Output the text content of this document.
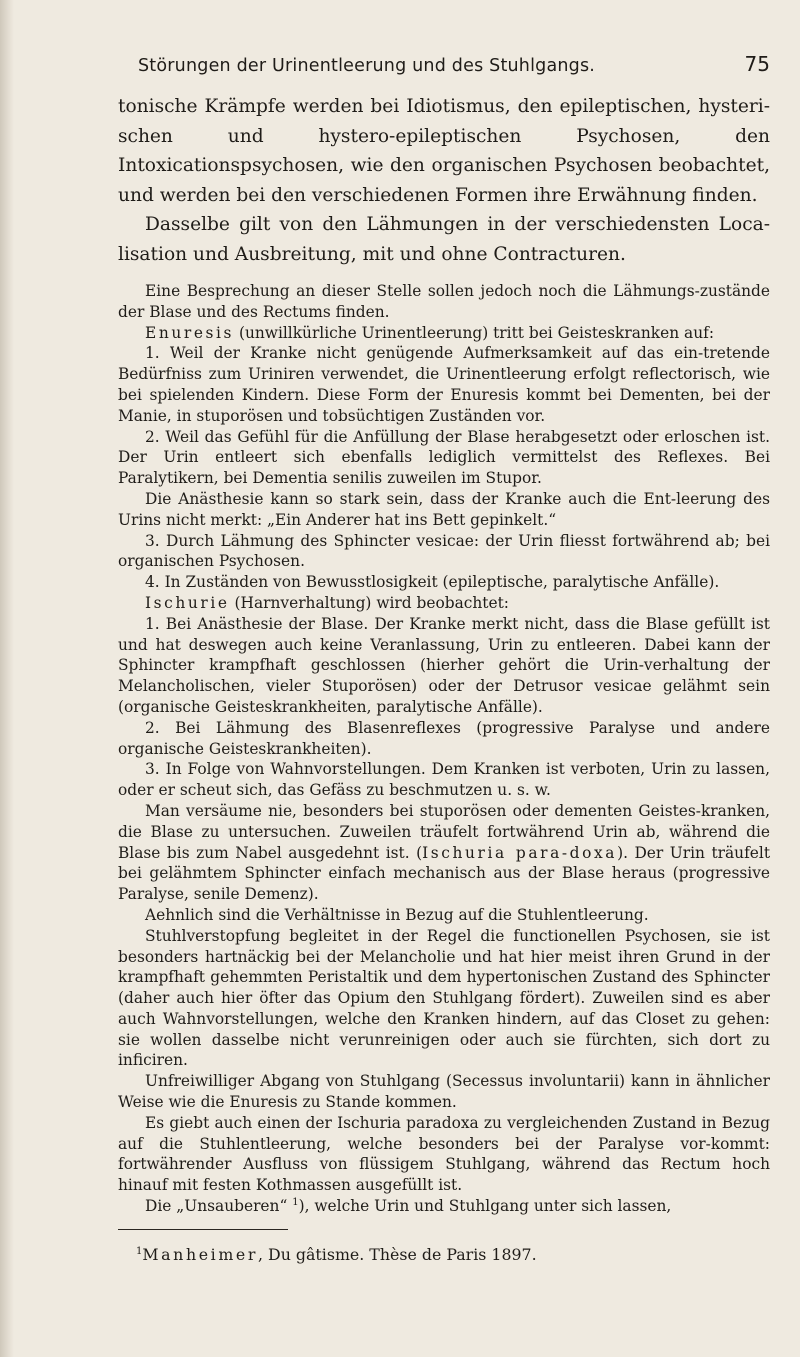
Störungen der Urinentleerung und des Stuhlgangs.	75

tonische Krämpfe werden bei Idiotismus, den epileptischen, hysteri-schen und hystero-epileptischen Psychosen, den Intoxicationspsychosen, wie den organischen Psychosen beobachtet, und werden bei den verschiedenen Formen ihre Erwähnung finden.

Dasselbe gilt von den Lähmungen in der verschiedensten Loca-lisation und Ausbreitung, mit und ohne Contracturen.

Eine Besprechung an dieser Stelle sollen jedoch noch die Lähmungs-zustände der Blase und des Rectums finden.

Enuresis (unwillkürliche Urinentleerung) tritt bei Geisteskranken auf:

1. Weil der Kranke nicht genügende Aufmerksamkeit auf das ein-tretende Bedürfniss zum Uriniren verwendet, die Urinentleerung erfolgt reflectorisch, wie bei spielenden Kindern. Diese Form der Enuresis kommt bei Dementen, bei der Manie, in stuporösen und tobsüchtigen Zuständen vor.

2. Weil das Gefühl für die Anfüllung der Blase herabgesetzt oder erloschen ist. Der Urin entleert sich ebenfalls lediglich vermittelst des Reflexes. Bei Paralytikern, bei Dementia senilis zuweilen im Stupor.

Die Anästhesie kann so stark sein, dass der Kranke auch die Ent-leerung des Urins nicht merkt: „Ein Anderer hat ins Bett gepinkelt.“

3. Durch Lähmung des Sphincter vesicae: der Urin fliesst fortwährend ab; bei organischen Psychosen.

4. In Zuständen von Bewusstlosigkeit (epileptische, paralytische Anfälle).

Ischurie (Harnverhaltung) wird beobachtet:

1. Bei Anästhesie der Blase. Der Kranke merkt nicht, dass die Blase gefüllt ist und hat deswegen auch keine Veranlassung, Urin zu entleeren. Dabei kann der Sphincter krampfhaft geschlossen (hierher gehört die Urin-verhaltung der Melancholischen, vieler Stuporösen) oder der Detrusor vesicae gelähmt sein (organische Geisteskrankheiten, paralytische Anfälle).

2. Bei Lähmung des Blasenreflexes (progressive Paralyse und andere organische Geisteskrankheiten).

3. In Folge von Wahnvorstellungen. Dem Kranken ist verboten, Urin zu lassen, oder er scheut sich, das Gefäss zu beschmutzen u. s. w.

Man versäume nie, besonders bei stuporösen oder dementen Geistes-kranken, die Blase zu untersuchen. Zuweilen träufelt fortwährend Urin ab, während die Blase bis zum Nabel ausgedehnt ist. (Ischuria para-doxa). Der Urin träufelt bei gelähmtem Sphincter einfach mechanisch aus der Blase heraus (progressive Paralyse, senile Demenz).

Aehnlich sind die Verhältnisse in Bezug auf die Stuhlentleerung.

Stuhlverstopfung begleitet in der Regel die functionellen Psychosen, sie ist besonders hartnäckig bei der Melancholie und hat hier meist ihren Grund in der krampfhaft gehemmten Peristaltik und dem hypertonischen Zustand des Sphincter (daher auch hier öfter das Opium den Stuhlgang fördert). Zuweilen sind es aber auch Wahnvorstellungen, welche den Kranken hindern, auf das Closet zu gehen: sie wollen dasselbe nicht verunreinigen oder auch sie fürchten, sich dort zu inficiren.

Unfreiwilliger Abgang von Stuhlgang (Secessus involuntarii) kann in ähnlicher Weise wie die Enuresis zu Stande kommen.

Es giebt auch einen der Ischuria paradoxa zu vergleichenden Zustand in Bezug auf die Stuhlentleerung, welche besonders bei der Paralyse vor-kommt: fortwährender Ausfluss von flüssigem Stuhlgang, während das Rectum hoch hinauf mit festen Kothmassen ausgefüllt ist.

Die „Unsauberen“ $^1$), welche Urin und Stuhlgang unter sich lassen,

$^1$Manheimer, Du gâtisme. Thèse de Paris 1897.
